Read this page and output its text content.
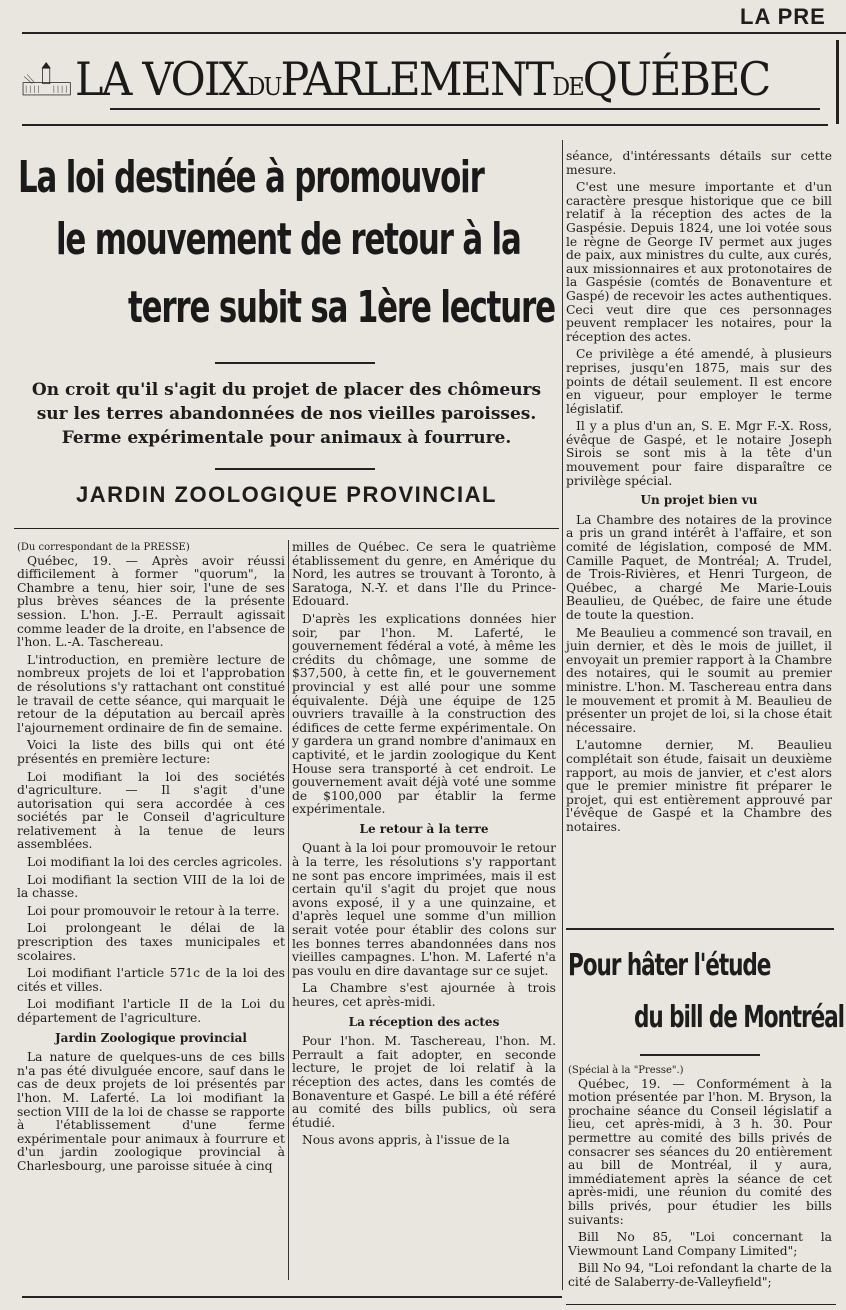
LA PRE
LA VOIXDUPARLEMENTDEQUÉBEC
La loi destinée à promouvoir
le mouvement de retour à la
terre subit sa 1ère lecture
On croit qu'il s'agit du projet de placer des chômeurs
sur les terres abandonnées de nos vieilles paroisses.
Ferme expérimentale pour animaux à fourrure.
JARDIN ZOOLOGIQUE PROVINCIAL
(Du correspondant de la PRESSE)

Québec, 19. — Après avoir réussi difficilement à former "quorum", la Chambre a tenu, hier soir, l'une de ses plus brèves séances de la présente session. L'hon. J.-E. Perrault agissait comme leader de la droite, en l'absence de l'hon. L.-A. Taschereau.

L'introduction, en première lecture de nombreux projets de loi et l'approbation de résolutions s'y rattachant ont constitué le travail de cette séance, qui marquait le retour de la députation au bercail après l'ajournement ordinaire de fin de semaine.

Voici la liste des bills qui ont été présentés en première lecture:

Loi modifiant la loi des sociétés d'agriculture. — Il s'agit d'une autorisation qui sera accordée à ces sociétés par le Conseil d'agriculture relativement à la tenue de leurs assemblées.

Loi modifiant la loi des cercles agricoles.

Loi modifiant la section VIII de la loi de la chasse.

Loi pour promouvoir le retour à la terre.

Loi prolongeant le délai de la prescription des taxes municipales et scolaires.

Loi modifiant l'article 571c de la loi des cités et villes.

Loi modifiant l'article II de la Loi du département de l'agriculture.

Jardin Zoologique provincial

La nature de quelques-uns de ces bills n'a pas été divulguée encore, sauf dans le cas de deux projets de loi présentés par l'hon. M. Laferté. La loi modifiant la section VIII de la loi de chasse se rapporte à l'établissement d'une ferme expérimentale pour animaux à fourrure et d'un jardin zoologique provincial à Charlesbourg, une paroisse située à cinq

milles de Québec. Ce sera le quatrième établissement du genre, en Amérique du Nord, les autres se trouvant à Toronto, à Saratoga, N.-Y. et dans l'Ile du Prince-Edouard.

D'après les explications données hier soir, par l'hon. M. Laferté, le gouvernement fédéral a voté, à même les crédits du chômage, une somme de $37,500, à cette fin, et le gouvernement provincial y est allé pour une somme équivalente. Déjà une équipe de 125 ouvriers travaille à la construction des édifices de cette ferme expérimentale. On y gardera un grand nombre d'animaux en captivité, et le jardin zoologique du Kent House sera transporté à cet endroit. Le gouvernement avait déjà voté une somme de $100,000 par établir la ferme expérimentale.

Le retour à la terre

Quant à la loi pour promouvoir le retour à la terre, les résolutions s'y rapportant ne sont pas encore imprimées, mais il est certain qu'il s'agit du projet que nous avons exposé, il y a une quinzaine, et d'après lequel une somme d'un million serait votée pour établir des colons sur les bonnes terres abandonnées dans nos vieilles campagnes. L'hon. M. Laferté n'a pas voulu en dire davantage sur ce sujet.

La Chambre s'est ajournée à trois heures, cet après-midi.

La réception des actes

Pour l'hon. M. Taschereau, l'hon. M. Perrault a fait adopter, en seconde lecture, le projet de loi relatif à la réception des actes, dans les comtés de Bonaventure et Gaspé. Le bill a été référé au comité des bills publics, où sera étudié.

Nous avons appris, à l'issue de la

séance, d'intéressants détails sur cette mesure.

C'est une mesure importante et d'un caractère presque historique que ce bill relatif à la réception des actes de la Gaspésie. Depuis 1824, une loi votée sous le règne de George IV permet aux juges de paix, aux ministres du culte, aux curés, aux missionnaires et aux protonotaires de la Gaspésie (comtés de Bonaventure et Gaspé) de recevoir les actes authentiques. Ceci veut dire que ces personnages peuvent remplacer les notaires, pour la réception des actes.

Ce privilège a été amendé, à plusieurs reprises, jusqu'en 1875, mais sur des points de détail seulement. Il est encore en vigueur, pour employer le terme législatif.

Il y a plus d'un an, S. E. Mgr F.-X. Ross, évêque de Gaspé, et le notaire Joseph Sirois se sont mis à la tête d'un mouvement pour faire disparaître ce privilège spécial.

Un projet bien vu

La Chambre des notaires de la province a pris un grand intérêt à l'affaire, et son comité de législation, composé de MM. Camille Paquet, de Montréal; A. Trudel, de Trois-Rivières, et Henri Turgeon, de Québec, a chargé Me Marie-Louis Beaulieu, de Québec, de faire une étude de toute la question.

Me Beaulieu a commencé son travail, en juin dernier, et dès le mois de juillet, il envoyait un premier rapport à la Chambre des notaires, qui le soumit au premier ministre. L'hon. M. Taschereau entra dans le mouvement et promit à M. Beaulieu de présenter un projet de loi, si la chose était nécessaire.

L'automne dernier, M. Beaulieu complétait son étude, faisait un deuxième rapport, au mois de janvier, et c'est alors que le premier ministre fit préparer le projet, qui est entièrement approuvé par l'évêque de Gaspé et la Chambre des notaires.

Pour hâter l'étude
du bill de Montréal
(Spécial à la "Presse".)

Québec, 19. — Conformément à la motion présentée par l'hon. M. Bryson, la prochaine séance du Conseil législatif a lieu, cet après-midi, à 3 h. 30. Pour permettre au comité des bills privés de consacrer ses séances du 20 entièrement au bill de Montréal, il y aura, immédiatement après la séance de cet après-midi, une réunion du comité des bills privés, pour étudier les bills suivants:

Bill No 85, "Loi concernant la Viewmount Land Company Limited";

Bill No 94, "Loi refondant la charte de la cité de Salaberry-de-Valleyfield";
